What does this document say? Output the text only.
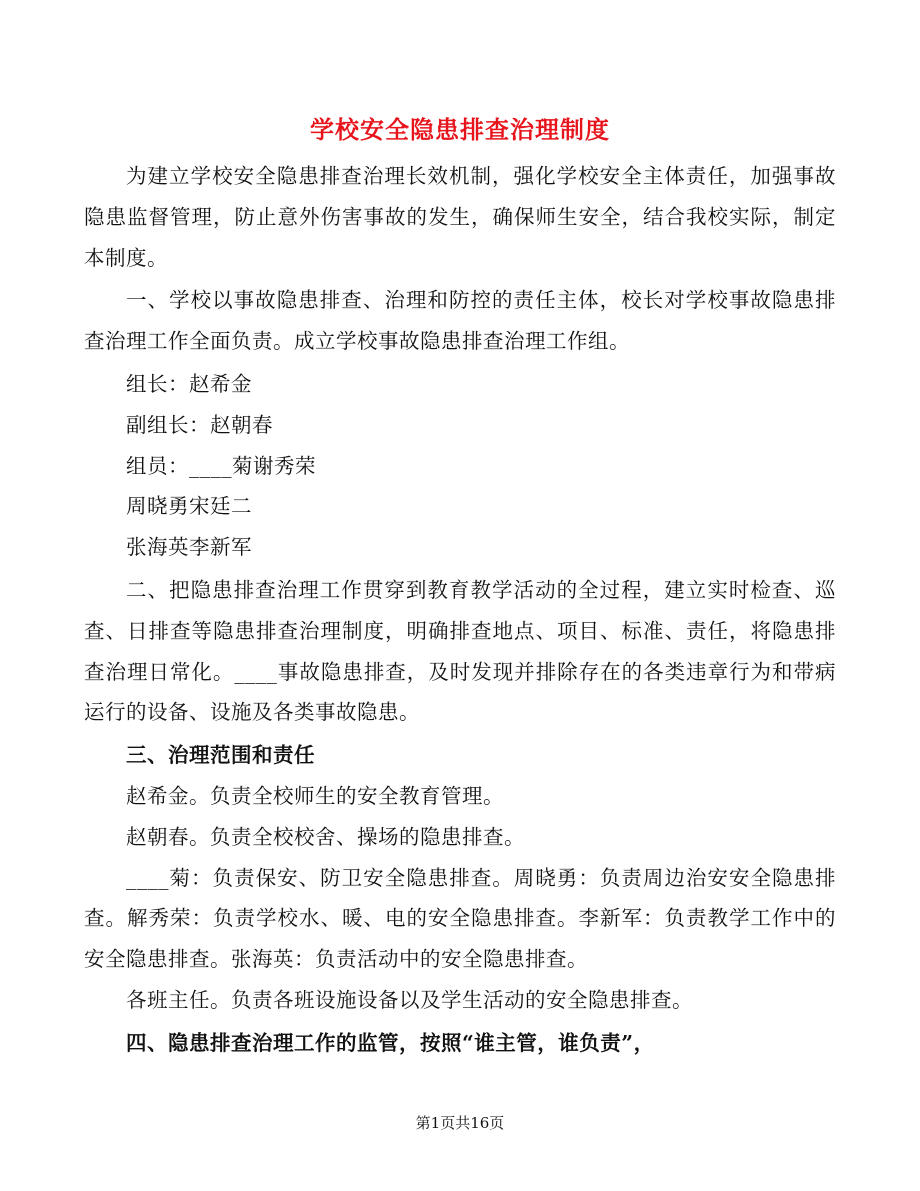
学校安全隐患排查治理制度

为建立学校安全隐患排查治理长效机制，强化学校安全主体责任，加强事故隐患监督管理，防止意外伤害事故的发生，确保师生安全，结合我校实际，制定本制度。

一、学校以事故隐患排查、治理和防控的责任主体，校长对学校事故隐患排查治理工作全面负责。成立学校事故隐患排查治理工作组。

组长：赵希金

副组长：赵朝春

组员：____菊谢秀荣

周晓勇宋廷二

张海英李新军

二、把隐患排查治理工作贯穿到教育教学活动的全过程，建立实时检查、巡查、日排查等隐患排查治理制度，明确排查地点、项目、标准、责任，将隐患排查治理日常化。____事故隐患排查，及时发现并排除存在的各类违章行为和带病运行的设备、设施及各类事故隐患。

三、治理范围和责任

赵希金。负责全校师生的安全教育管理。

赵朝春。负责全校校舍、操场的隐患排查。

____菊：负责保安、防卫安全隐患排查。周晓勇：负责周边治安安全隐患排查。解秀荣：负责学校水、暖、电的安全隐患排查。李新军：负责教学工作中的安全隐患排查。张海英：负责活动中的安全隐患排查。

各班主任。负责各班设施设备以及学生活动的安全隐患排查。

四、隐患排查治理工作的监管，按照“谁主管，谁负责”，

第1页共16页
